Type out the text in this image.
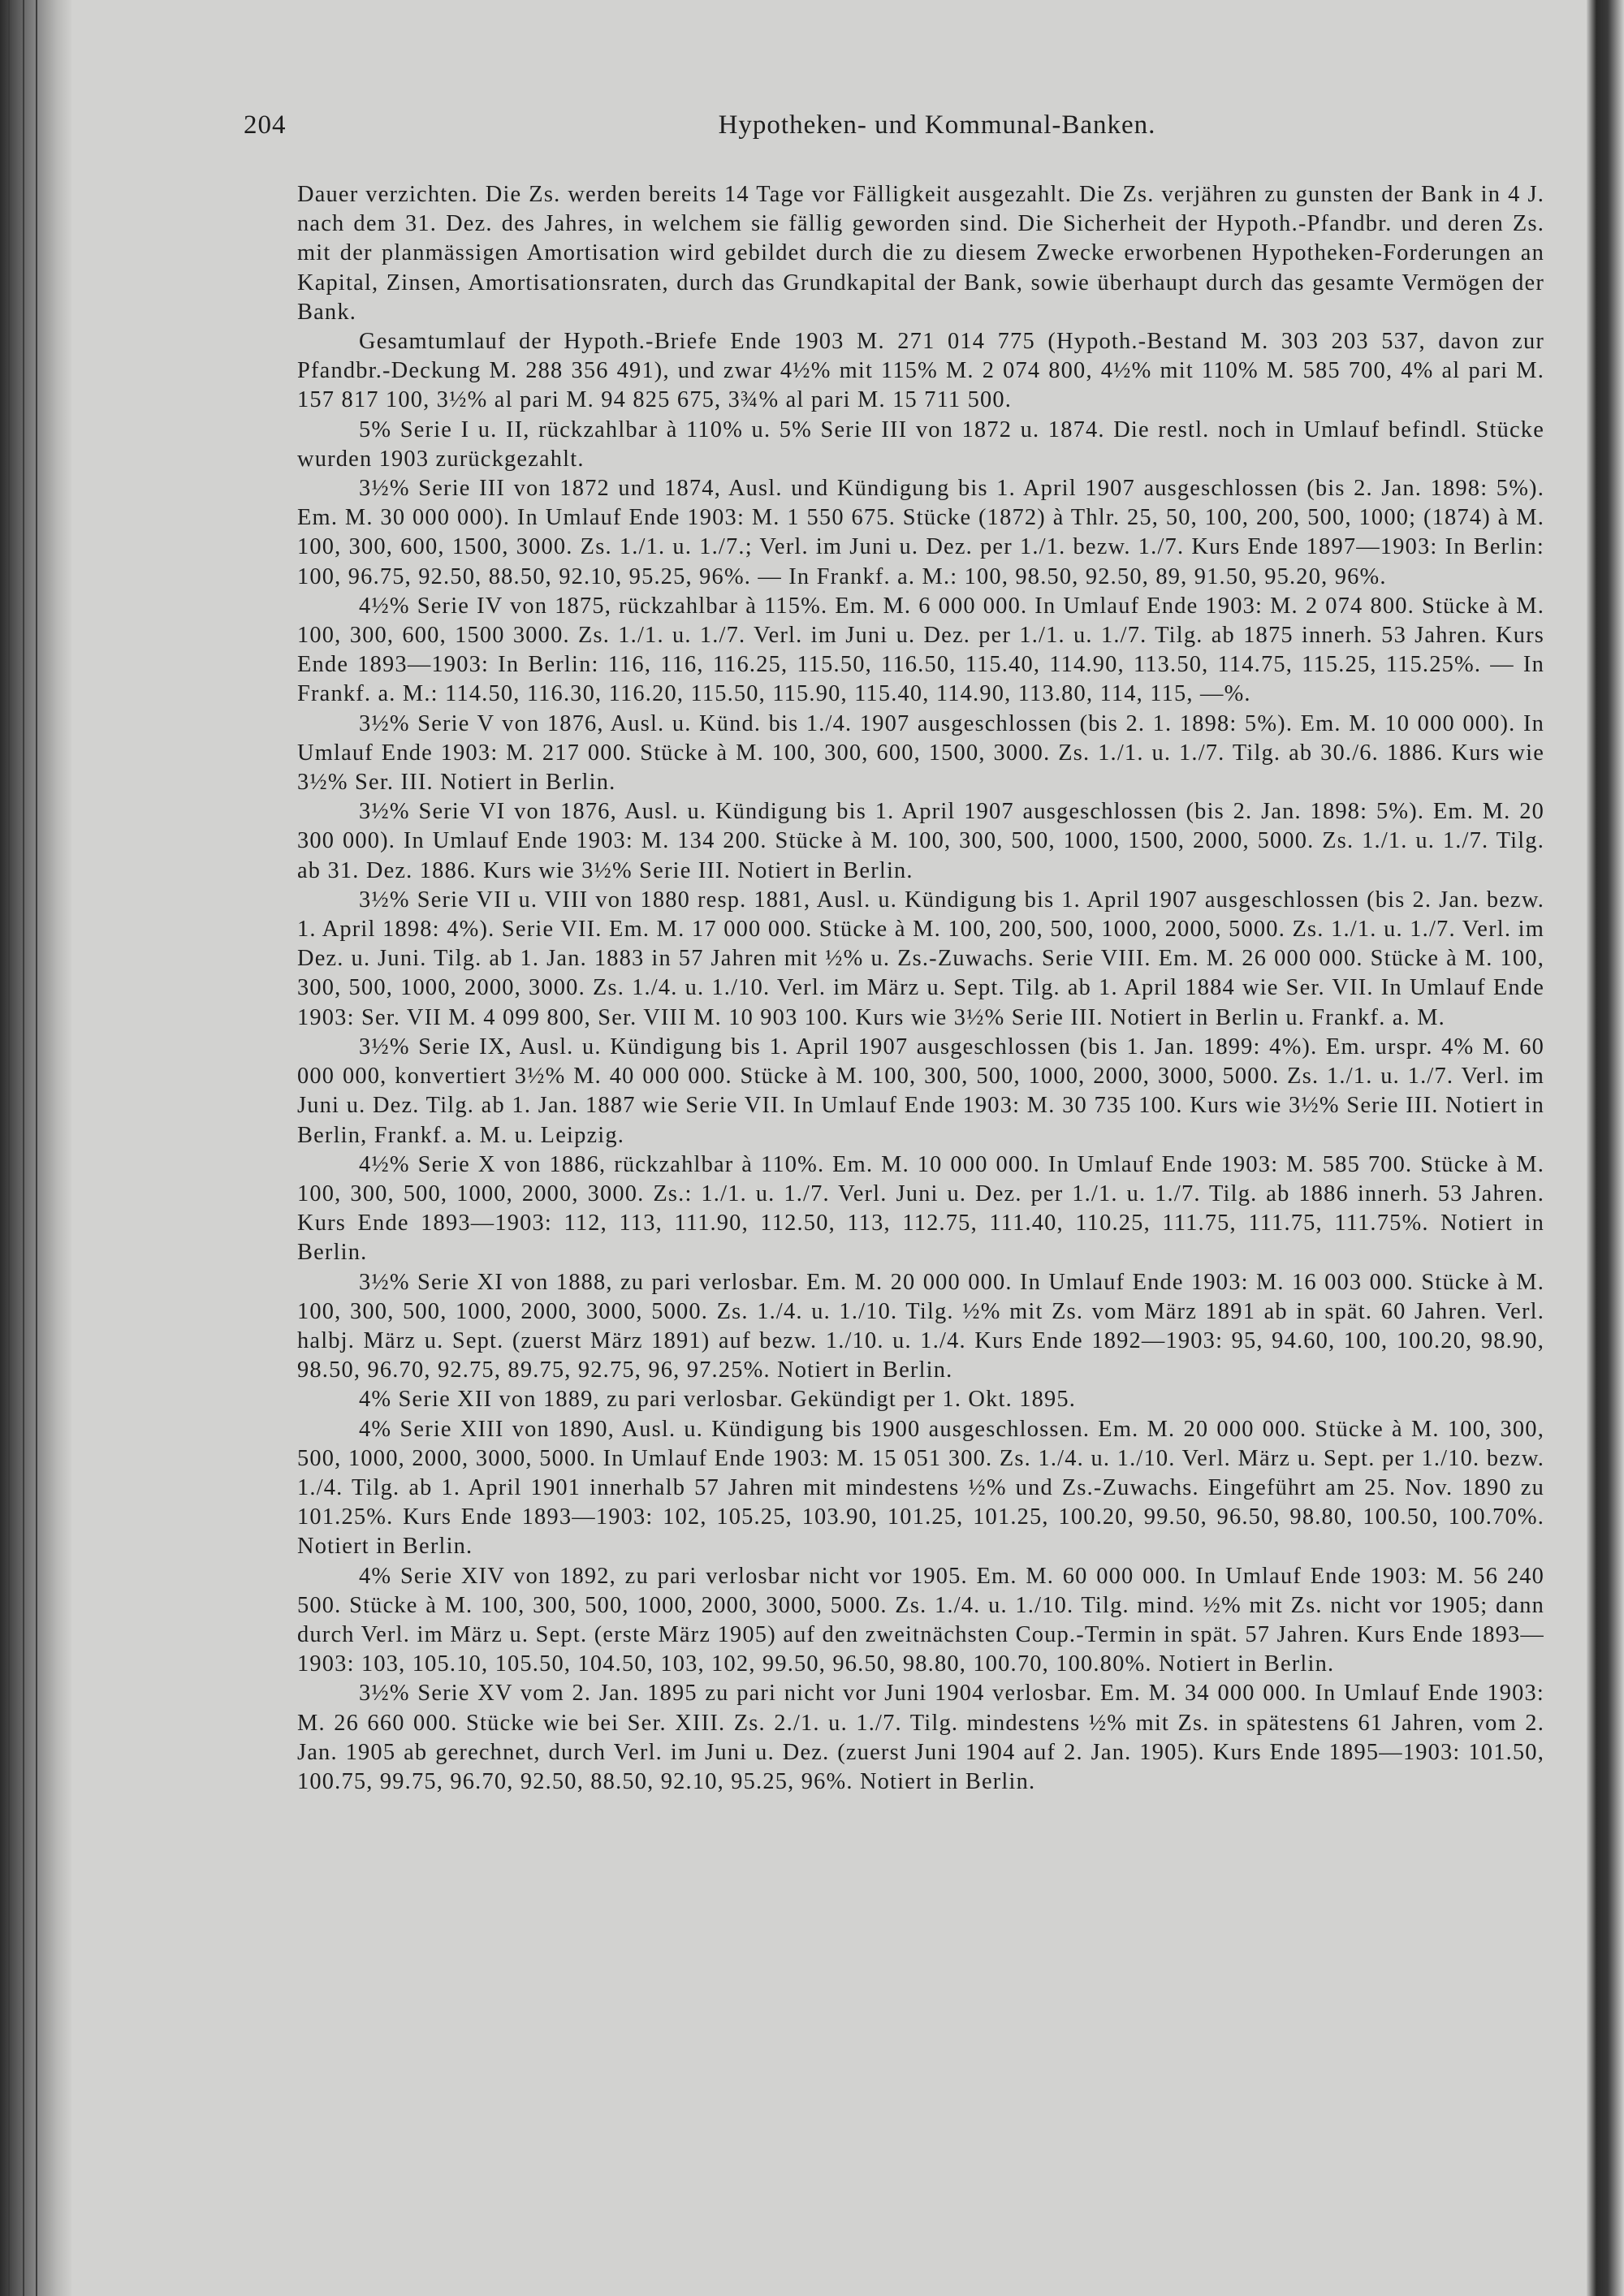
204	Hypotheken- und Kommunal-Banken.

Dauer verzichten. Die Zs. werden bereits 14 Tage vor Fälligkeit ausgezahlt. Die Zs. verjähren zu gunsten der Bank in 4 J. nach dem 31. Dez. des Jahres, in welchem sie fällig geworden sind. Die Sicherheit der Hypoth.-Pfandbr. und deren Zs. mit der planmässigen Amortisation wird gebildet durch die zu diesem Zwecke erworbenen Hypotheken-Forderungen an Kapital, Zinsen, Amortisationsraten, durch das Grundkapital der Bank, sowie überhaupt durch das gesamte Vermögen der Bank.

Gesamtumlauf der Hypoth.-Briefe Ende 1903 M. 271 014 775 (Hypoth.-Bestand M. 303 203 537, davon zur Pfandbr.-Deckung M. 288 356 491), und zwar 4½% mit 115% M. 2 074 800, 4½% mit 110% M. 585 700, 4% al pari M. 157 817 100, 3½% al pari M. 94 825 675, 3¾% al pari M. 15 711 500.

5% Serie I u. II, rückzahlbar à 110% u. 5% Serie III von 1872 u. 1874. Die restl. noch in Umlauf befindl. Stücke wurden 1903 zurückgezahlt.

3½% Serie III von 1872 und 1874, Ausl. und Kündigung bis 1. April 1907 ausgeschlossen (bis 2. Jan. 1898: 5%). Em. M. 30 000 000). In Umlauf Ende 1903: M. 1 550 675. Stücke (1872) à Thlr. 25, 50, 100, 200, 500, 1000; (1874) à M. 100, 300, 600, 1500, 3000. Zs. 1./1. u. 1./7.; Verl. im Juni u. Dez. per 1./1. bezw. 1./7. Kurs Ende 1897—1903: In Berlin: 100, 96.75, 92.50, 88.50, 92.10, 95.25, 96%. — In Frankf. a. M.: 100, 98.50, 92.50, 89, 91.50, 95.20, 96%.

4½% Serie IV von 1875, rückzahlbar à 115%. Em. M. 6 000 000. In Umlauf Ende 1903: M. 2 074 800. Stücke à M. 100, 300, 600, 1500 3000. Zs. 1./1. u. 1./7. Verl. im Juni u. Dez. per 1./1. u. 1./7. Tilg. ab 1875 innerh. 53 Jahren. Kurs Ende 1893—1903: In Berlin: 116, 116, 116.25, 115.50, 116.50, 115.40, 114.90, 113.50, 114.75, 115.25, 115.25%. — In Frankf. a. M.: 114.50, 116.30, 116.20, 115.50, 115.90, 115.40, 114.90, 113.80, 114, 115, —%.

3½% Serie V von 1876, Ausl. u. Künd. bis 1./4. 1907 ausgeschlossen (bis 2. 1. 1898: 5%). Em. M. 10 000 000). In Umlauf Ende 1903: M. 217 000. Stücke à M. 100, 300, 600, 1500, 3000. Zs. 1./1. u. 1./7. Tilg. ab 30./6. 1886. Kurs wie 3½% Ser. III. Notiert in Berlin.

3½% Serie VI von 1876, Ausl. u. Kündigung bis 1. April 1907 ausgeschlossen (bis 2. Jan. 1898: 5%). Em. M. 20 300 000). In Umlauf Ende 1903: M. 134 200. Stücke à M. 100, 300, 500, 1000, 1500, 2000, 5000. Zs. 1./1. u. 1./7. Tilg. ab 31. Dez. 1886. Kurs wie 3½% Serie III. Notiert in Berlin.

3½% Serie VII u. VIII von 1880 resp. 1881, Ausl. u. Kündigung bis 1. April 1907 ausgeschlossen (bis 2. Jan. bezw. 1. April 1898: 4%). Serie VII. Em. M. 17 000 000. Stücke à M. 100, 200, 500, 1000, 2000, 5000. Zs. 1./1. u. 1./7. Verl. im Dez. u. Juni. Tilg. ab 1. Jan. 1883 in 57 Jahren mit ½% u. Zs.-Zuwachs. Serie VIII. Em. M. 26 000 000. Stücke à M. 100, 300, 500, 1000, 2000, 3000. Zs. 1./4. u. 1./10. Verl. im März u. Sept. Tilg. ab 1. April 1884 wie Ser. VII. In Umlauf Ende 1903: Ser. VII M. 4 099 800, Ser. VIII M. 10 903 100. Kurs wie 3½% Serie III. Notiert in Berlin u. Frankf. a. M.

3½% Serie IX, Ausl. u. Kündigung bis 1. April 1907 ausgeschlossen (bis 1. Jan. 1899: 4%). Em. urspr. 4% M. 60 000 000, konvertiert 3½% M. 40 000 000. Stücke à M. 100, 300, 500, 1000, 2000, 3000, 5000. Zs. 1./1. u. 1./7. Verl. im Juni u. Dez. Tilg. ab 1. Jan. 1887 wie Serie VII. In Umlauf Ende 1903: M. 30 735 100. Kurs wie 3½% Serie III. Notiert in Berlin, Frankf. a. M. u. Leipzig.

4½% Serie X von 1886, rückzahlbar à 110%. Em. M. 10 000 000. In Umlauf Ende 1903: M. 585 700. Stücke à M. 100, 300, 500, 1000, 2000, 3000. Zs.: 1./1. u. 1./7. Verl. Juni u. Dez. per 1./1. u. 1./7. Tilg. ab 1886 innerh. 53 Jahren. Kurs Ende 1893—1903: 112, 113, 111.90, 112.50, 113, 112.75, 111.40, 110.25, 111.75, 111.75, 111.75%. Notiert in Berlin.

3½% Serie XI von 1888, zu pari verlosbar. Em. M. 20 000 000. In Umlauf Ende 1903: M. 16 003 000. Stücke à M. 100, 300, 500, 1000, 2000, 3000, 5000. Zs. 1./4. u. 1./10. Tilg. ½% mit Zs. vom März 1891 ab in spät. 60 Jahren. Verl. halbj. März u. Sept. (zuerst März 1891) auf bezw. 1./10. u. 1./4. Kurs Ende 1892—1903: 95, 94.60, 100, 100.20, 98.90, 98.50, 96.70, 92.75, 89.75, 92.75, 96, 97.25%. Notiert in Berlin.

4% Serie XII von 1889, zu pari verlosbar. Gekündigt per 1. Okt. 1895.

4% Serie XIII von 1890, Ausl. u. Kündigung bis 1900 ausgeschlossen. Em. M. 20 000 000. Stücke à M. 100, 300, 500, 1000, 2000, 3000, 5000. In Umlauf Ende 1903: M. 15 051 300. Zs. 1./4. u. 1./10. Verl. März u. Sept. per 1./10. bezw. 1./4. Tilg. ab 1. April 1901 innerhalb 57 Jahren mit mindestens ½% und Zs.-Zuwachs. Eingeführt am 25. Nov. 1890 zu 101.25%. Kurs Ende 1893—1903: 102, 105.25, 103.90, 101.25, 101.25, 100.20, 99.50, 96.50, 98.80, 100.50, 100.70%. Notiert in Berlin.

4% Serie XIV von 1892, zu pari verlosbar nicht vor 1905. Em. M. 60 000 000. In Umlauf Ende 1903: M. 56 240 500. Stücke à M. 100, 300, 500, 1000, 2000, 3000, 5000. Zs. 1./4. u. 1./10. Tilg. mind. ½% mit Zs. nicht vor 1905; dann durch Verl. im März u. Sept. (erste März 1905) auf den zweitnächsten Coup.-Termin in spät. 57 Jahren. Kurs Ende 1893—1903: 103, 105.10, 105.50, 104.50, 103, 102, 99.50, 96.50, 98.80, 100.70, 100.80%. Notiert in Berlin.

3½% Serie XV vom 2. Jan. 1895 zu pari nicht vor Juni 1904 verlosbar. Em. M. 34 000 000. In Umlauf Ende 1903: M. 26 660 000. Stücke wie bei Ser. XIII. Zs. 2./1. u. 1./7. Tilg. mindestens ½% mit Zs. in spätestens 61 Jahren, vom 2. Jan. 1905 ab gerechnet, durch Verl. im Juni u. Dez. (zuerst Juni 1904 auf 2. Jan. 1905). Kurs Ende 1895—1903: 101.50, 100.75, 99.75, 96.70, 92.50, 88.50, 92.10, 95.25, 96%. Notiert in Berlin.
